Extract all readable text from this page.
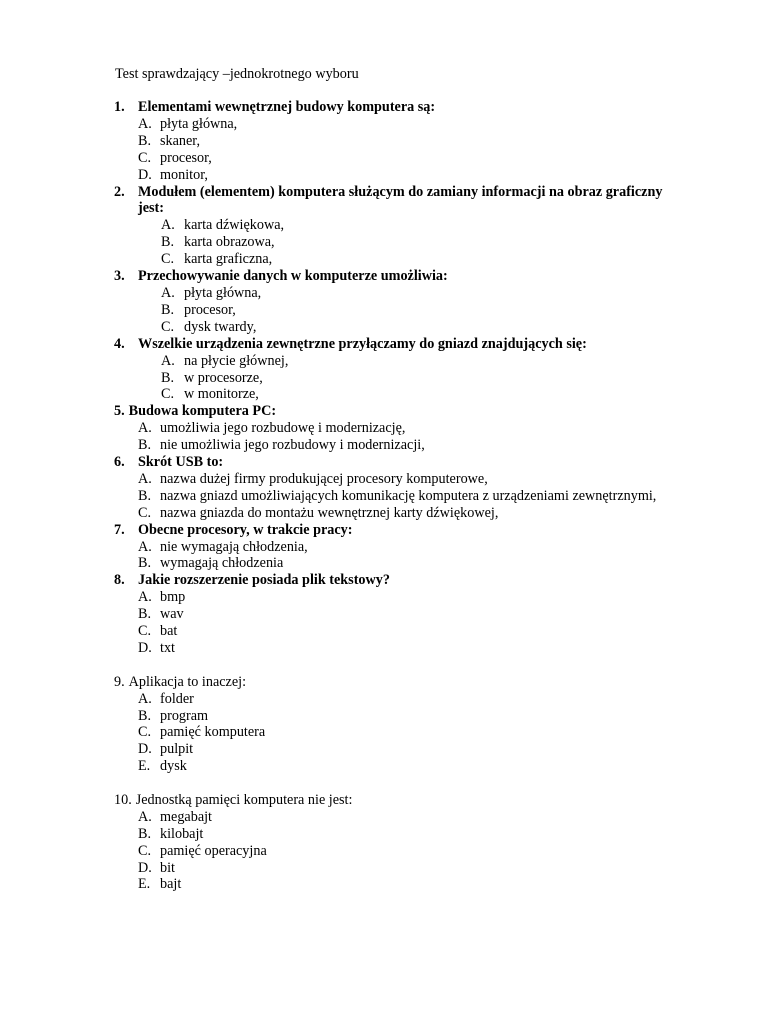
Test sprawdzający –jednokrotnego wyboru
1. Elementami wewnętrznej budowy komputera są:
A. płyta główna,
B. skaner,
C. procesor,
D. monitor,
2. Modułem (elementem) komputera służącym do zamiany informacji na obraz graficzny jest:
A. karta dźwiękowa,
B. karta obrazowa,
C. karta graficzna,
3. Przechowywanie danych w komputerze umożliwia:
A. płyta główna,
B. procesor,
C. dysk twardy,
4. Wszelkie urządzenia zewnętrzne przyłączamy do gniazd znajdujących się:
A. na płycie głównej,
B. w procesorze,
C. w monitorze,
5. Budowa komputera PC:
A. umożliwia jego rozbudowę i modernizację,
B. nie umożliwia jego rozbudowy i modernizacji,
6. Skrót USB to:
A. nazwa dużej firmy produkującej procesory komputerowe,
B. nazwa gniazd umożliwiających komunikację komputera z urządzeniami zewnętrznymi,
C. nazwa gniazda do montażu wewnętrznej karty dźwiękowej,
7. Obecne procesory, w trakcie pracy:
A. nie wymagają chłodzenia,
B. wymagają chłodzenia
8. Jakie rozszerzenie posiada plik tekstowy?
A. bmp
B. wav
C. bat
D. txt
9. Aplikacja to inaczej:
A. folder
B. program
C. pamięć komputera
D. pulpit
E. dysk
10. Jednostką pamięci komputera nie jest:
A. megabajt
B. kilobajt
C. pamięć operacyjna
D. bit
E. bajt
